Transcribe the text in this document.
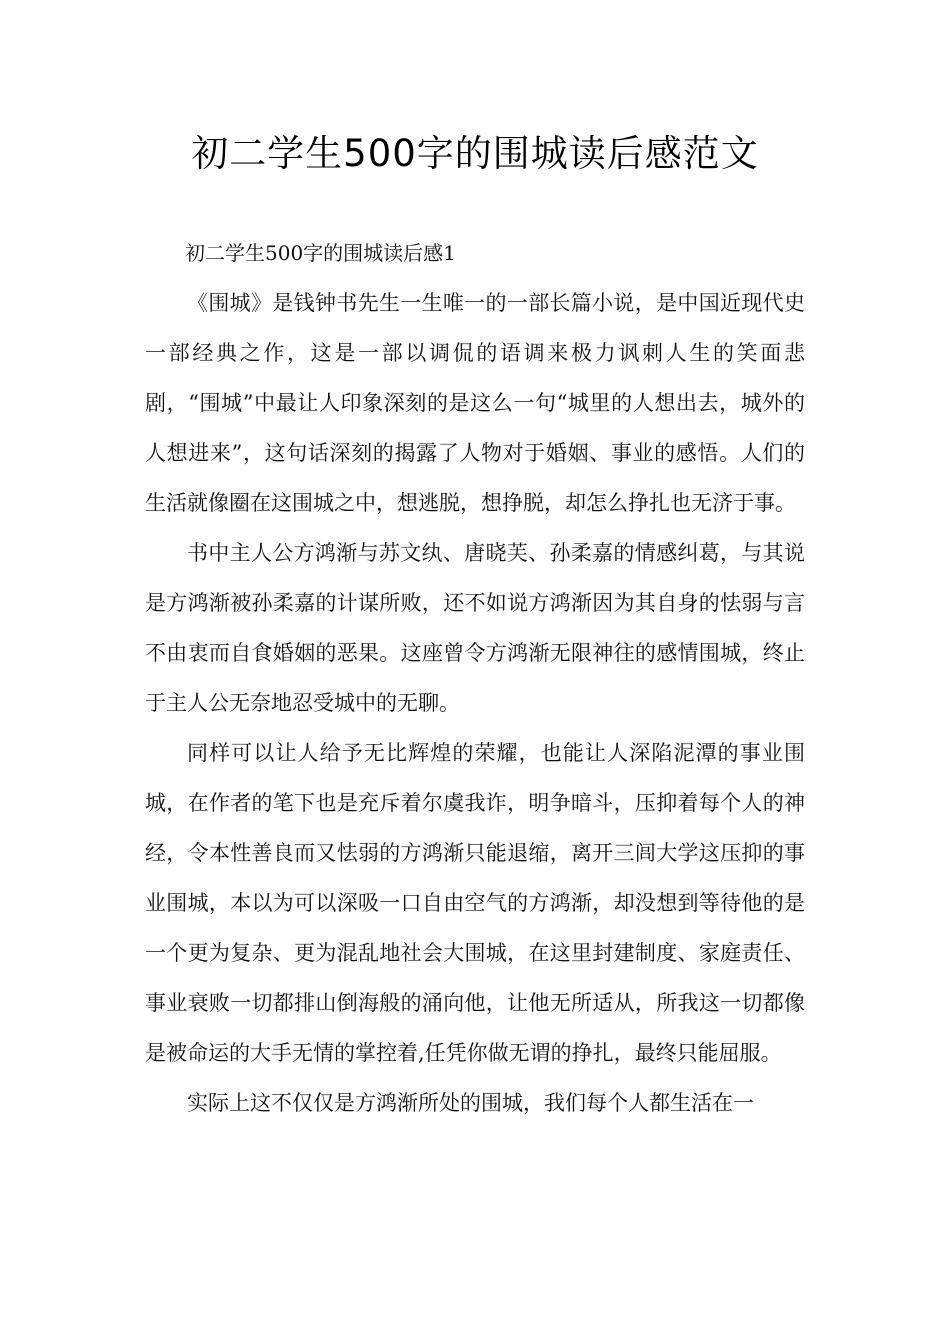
初二学生500字的围城读后感范文

初二学生500字的围城读后感1

《围城》是钱钟书先生一生唯一的一部长篇小说，是中国近现代史一部经典之作，这是一部以调侃的语调来极力讽刺人生的笑面悲剧，“围城”中最让人印象深刻的是这么一句“城里的人想出去，城外的人想进来”，这句话深刻的揭露了人物对于婚姻、事业的感悟。人们的生活就像圈在这围城之中，想逃脱，想挣脱，却怎么挣扎也无济于事。

书中主人公方鸿渐与苏文纨、唐晓芙、孙柔嘉的情感纠葛，与其说是方鸿渐被孙柔嘉的计谋所败，还不如说方鸿渐因为其自身的怯弱与言不由衷而自食婚姻的恶果。这座曾令方鸿渐无限神往的感情围城，终止于主人公无奈地忍受城中的无聊。

同样可以让人给予无比辉煌的荣耀，也能让人深陷泥潭的事业围城，在作者的笔下也是充斥着尔虞我诈，明争暗斗，压抑着每个人的神经，令本性善良而又怯弱的方鸿渐只能退缩，离开三闾大学这压抑的事业围城，本以为可以深吸一口自由空气的方鸿渐，却没想到等待他的是一个更为复杂、更为混乱地社会大围城，在这里封建制度、家庭责任、事业衰败一切都排山倒海般的涌向他，让他无所适从，所我这一切都像是被命运的大手无情的掌控着,任凭你做无谓的挣扎，最终只能屈服。

实际上这不仅仅是方鸿渐所处的围城，我们每个人都生活在一
